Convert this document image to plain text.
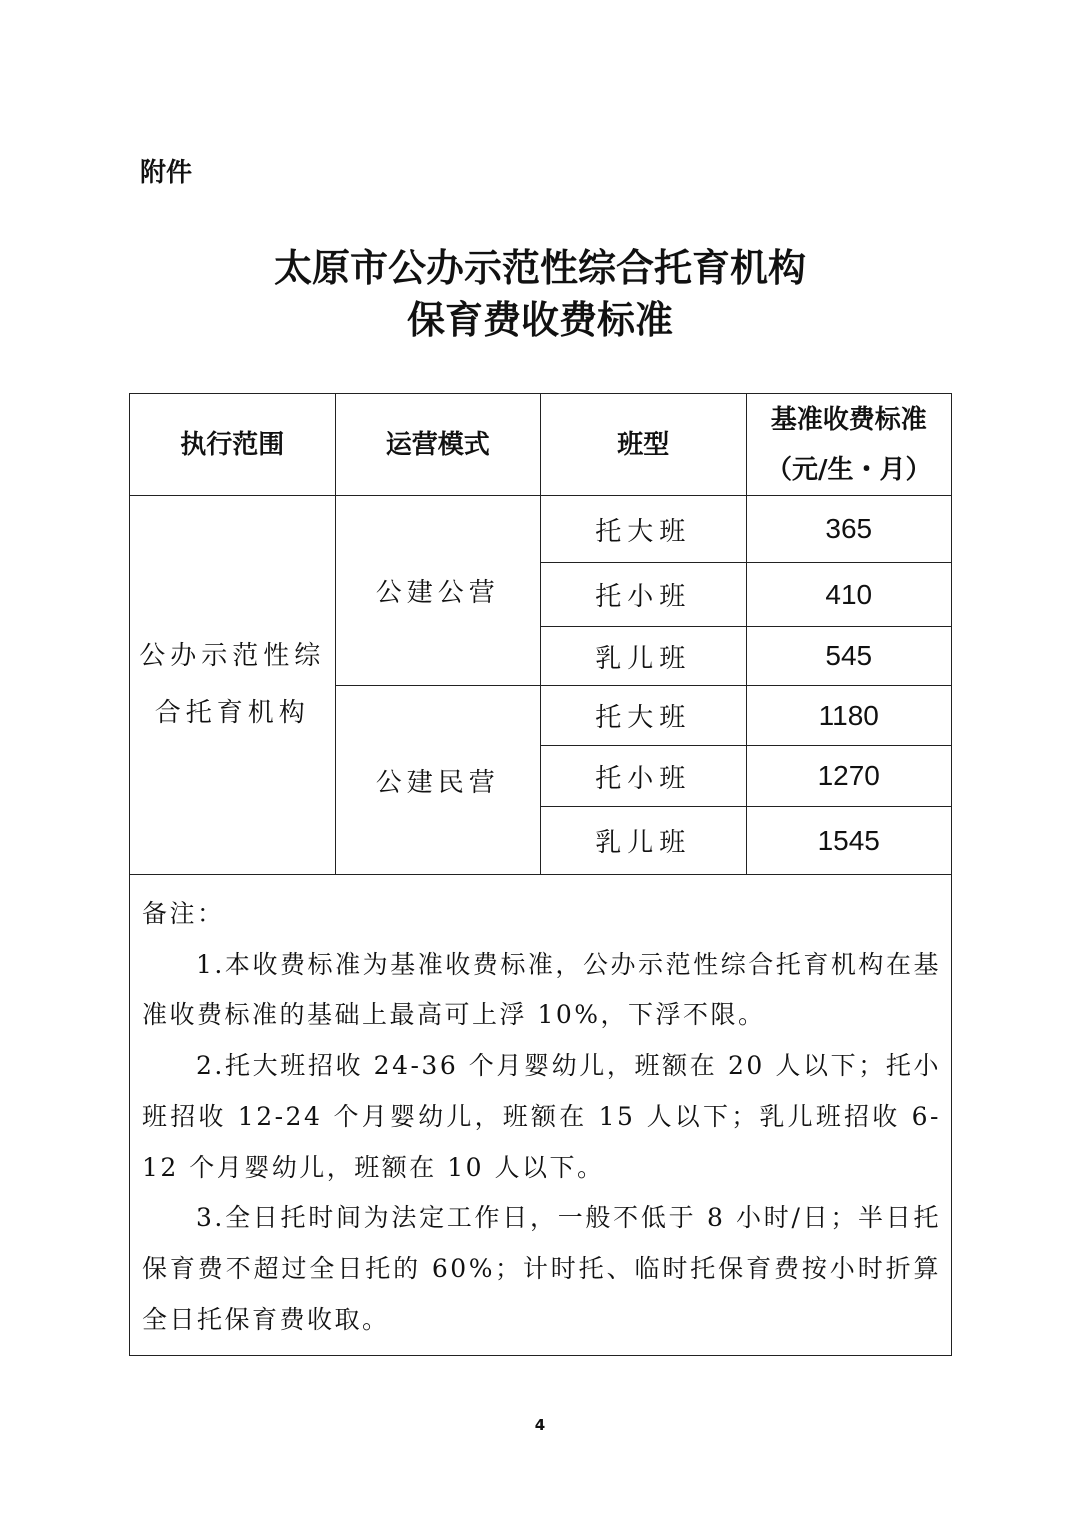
附件
太原市公办示范性综合托育机构
保育费收费标准
执行范围	运营模式	班型	基准收费标准
（元/生・月）

公办示范性综
合托育机构	公建公营	托大班	365
		托小班	410
		乳儿班	545
	公建民营	托大班	1180
		托小班	1270
		乳儿班	1545

备注：

1.本收费标准为基准收费标准，公办示范性综合托育机构在基准收费标准的基础上最高可上浮 10%，下浮不限。

2.托大班招收 24-36 个月婴幼儿，班额在 20 人以下；托小班招收 12-24 个月婴幼儿，班额在 15 人以下；乳儿班招收 6-12 个月婴幼儿，班额在 10 人以下。

3.全日托时间为法定工作日，一般不低于 8 小时/日；半日托保育费不超过全日托的 60%；计时托、临时托保育费按小时折算全日托保育费收取。			

4
